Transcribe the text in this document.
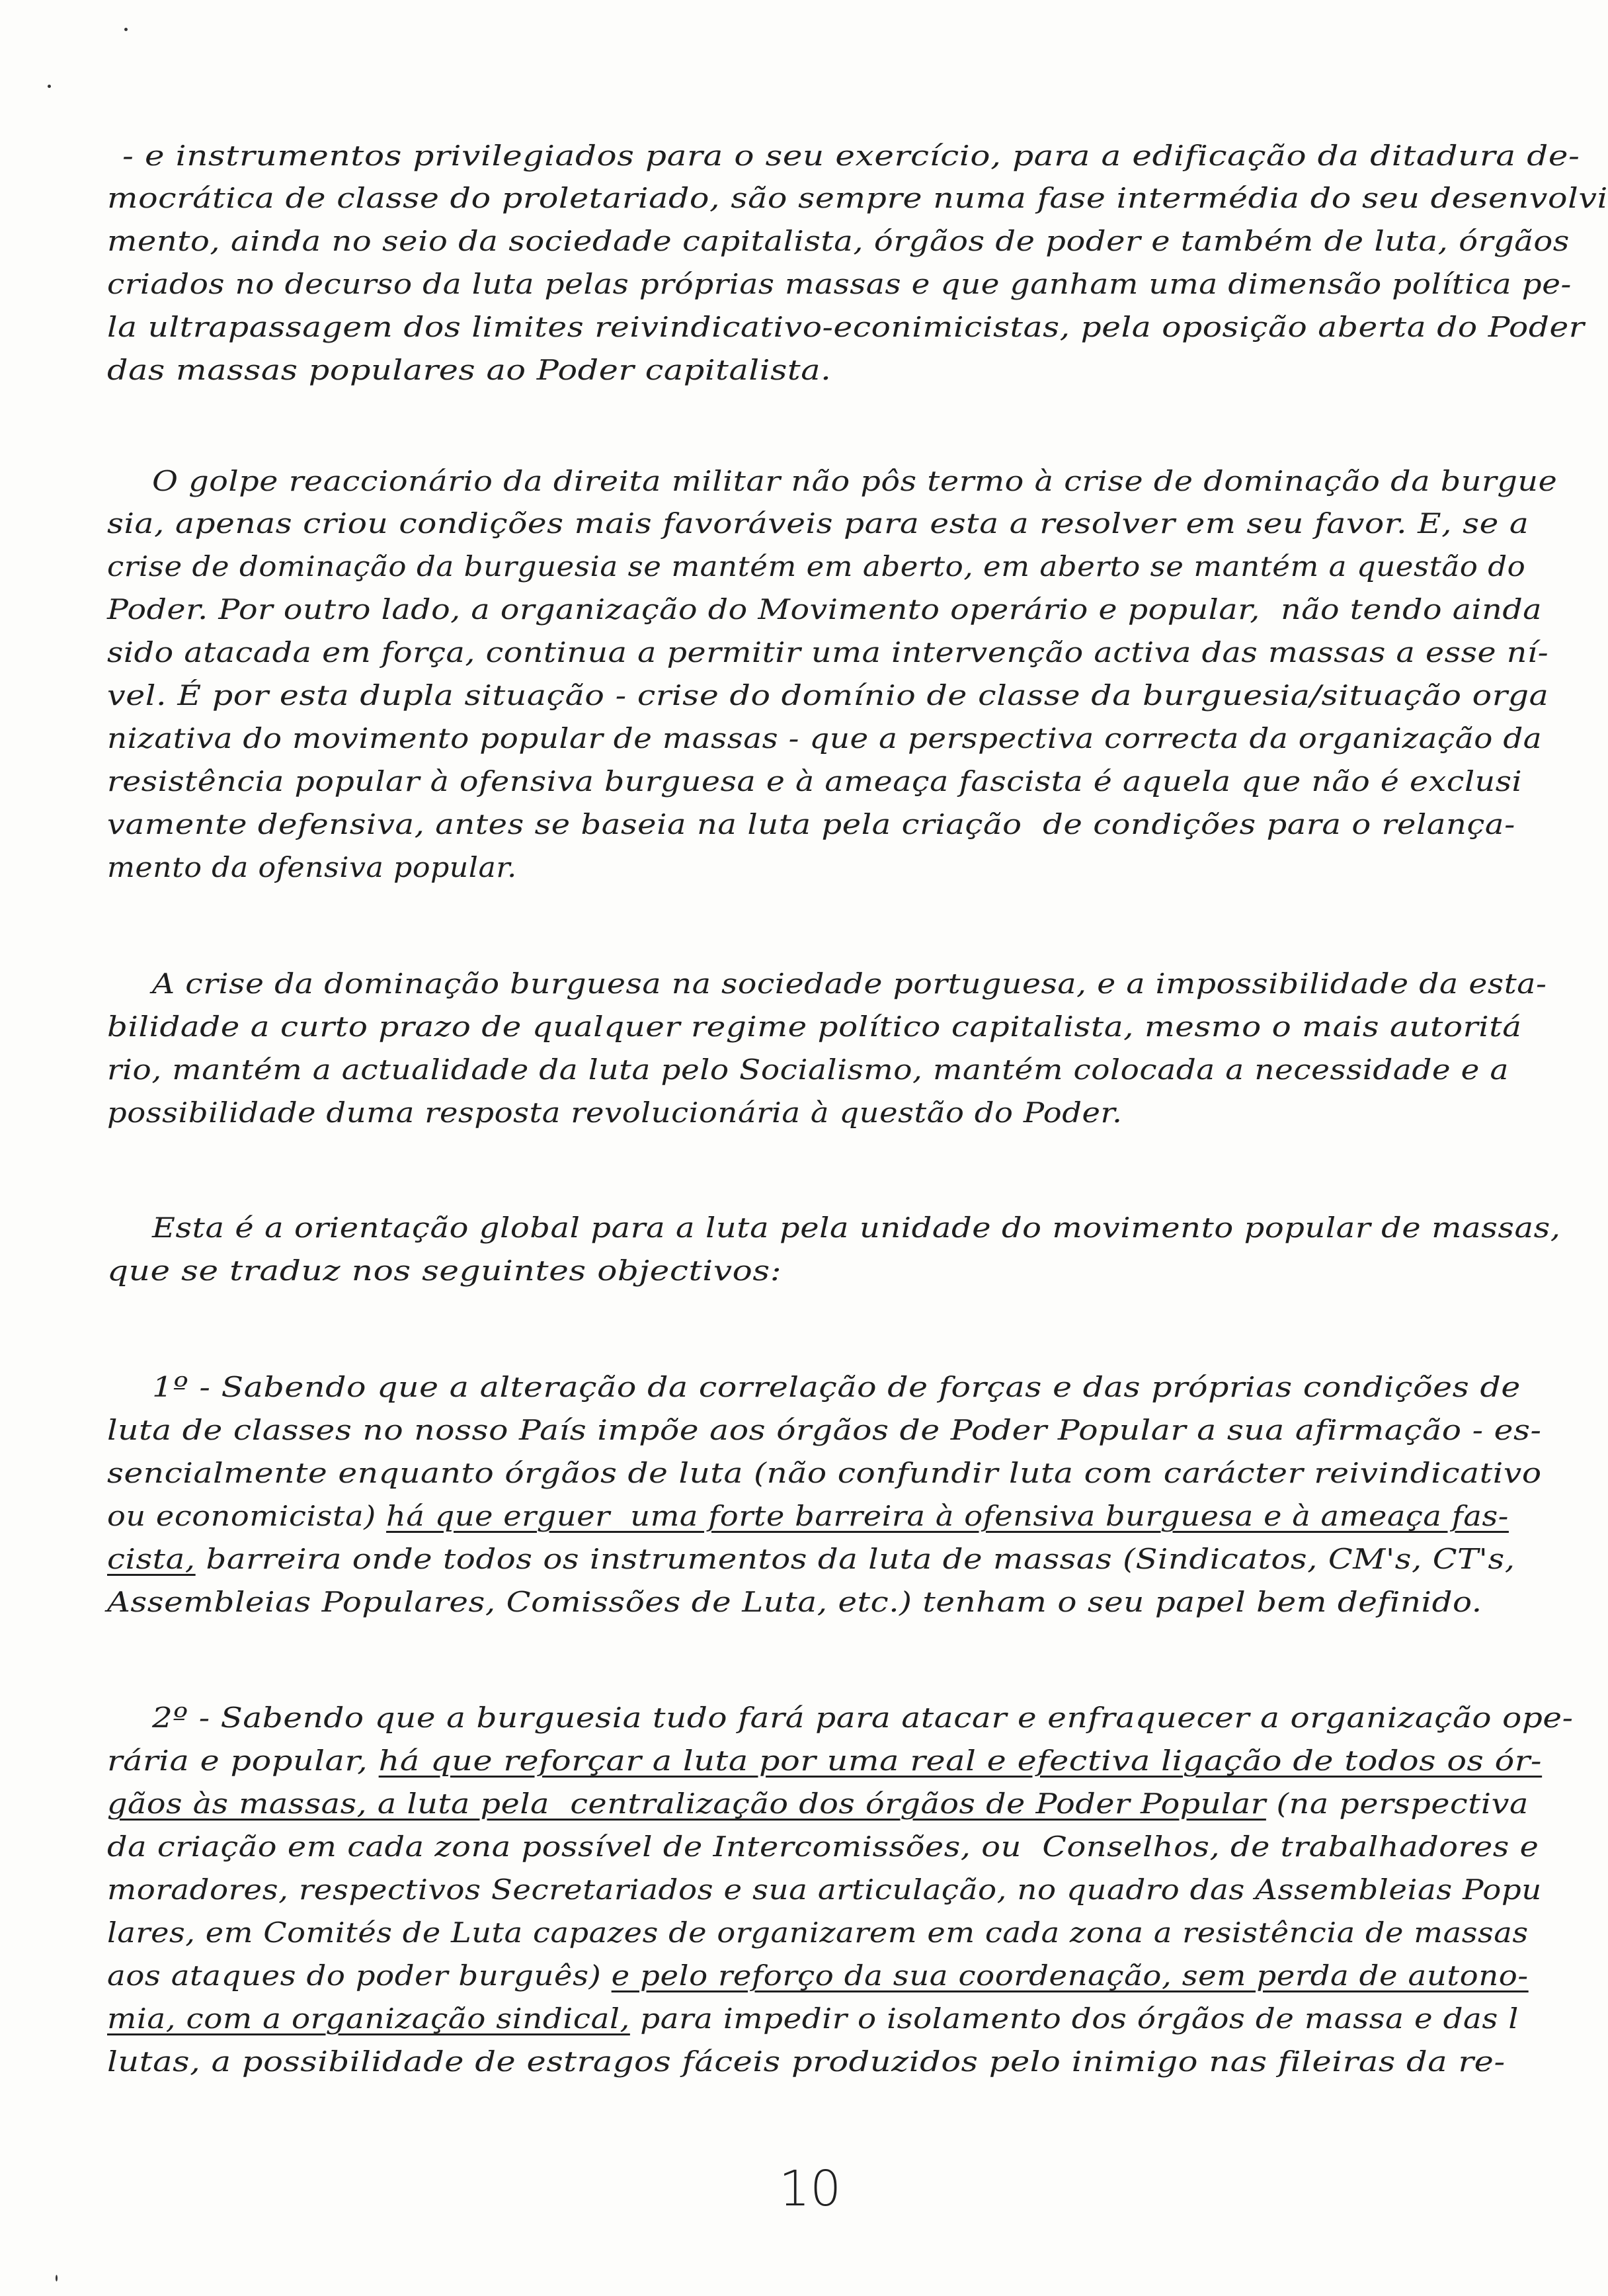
- e instrumentos privilegiados para o seu exercício, para a edificação da ditadura de-
mocrática de classe do proletariado, são sempre numa fase intermédia do seu desenvolvi
mento, ainda no seio da sociedade capitalista, órgãos de poder e também de luta, órgãos
criados no decurso da luta pelas próprias massas e que ganham uma dimensão política pe-
la ultrapassagem dos limites reivindicativo-econimicistas, pela oposição aberta do Poder
das massas populares ao Poder capitalista.
O golpe reaccionário da direita militar não pôs termo à crise de dominação da burgue
sia, apenas criou condições mais favoráveis para esta a resolver em seu favor. E, se a
crise de dominação da burguesia se mantém em aberto, em aberto se mantém a questão do
Poder. Por outro lado, a organização do Movimento operário e popular,  não tendo ainda
sido atacada em força, continua a permitir uma intervenção activa das massas a esse ní-
vel. É por esta dupla situação - crise do domínio de classe da burguesia/situação orga
nizativa do movimento popular de massas - que a perspectiva correcta da organização da
resistência popular à ofensiva burguesa e à ameaça fascista é aquela que não é exclusi
vamente defensiva, antes se baseia na luta pela criação  de condições para o relança-
mento da ofensiva popular.
A crise da dominação burguesa na sociedade portuguesa, e a impossibilidade da esta-
bilidade a curto prazo de qualquer regime político capitalista, mesmo o mais autoritá
rio, mantém a actualidade da luta pelo Socialismo, mantém colocada a necessidade e a
possibilidade duma resposta revolucionária à questão do Poder.
Esta é a orientação global para a luta pela unidade do movimento popular de massas,
que se traduz nos seguintes objectivos:
1º - Sabendo que a alteração da correlação de forças e das próprias condições de
luta de classes no nosso País impõe aos órgãos de Poder Popular a sua afirmação - es-
sencialmente enquanto órgãos de luta (não confundir luta com carácter reivindicativo
ou economicista) há que erguer  uma forte barreira à ofensiva burguesa e à ameaça fas-
cista, barreira onde todos os instrumentos da luta de massas (Sindicatos, CM's, CT's,
Assembleias Populares, Comissões de Luta, etc.) tenham o seu papel bem definido.
2º - Sabendo que a burguesia tudo fará para atacar e enfraquecer a organização ope-
rária e popular, há que reforçar a luta por uma real e efectiva ligação de todos os ór-
gãos às massas, a luta pela  centralização dos órgãos de Poder Popular (na perspectiva
da criação em cada zona possível de Intercomissões, ou  Conselhos, de trabalhadores e
moradores, respectivos Secretariados e sua articulação, no quadro das Assembleias Popu
lares, em Comités de Luta capazes de organizarem em cada zona a resistência de massas
aos ataques do poder burguês) e pelo reforço da sua coordenação, sem perda de autono-
mia, com a organização sindical, para impedir o isolamento dos órgãos de massa e das l
lutas, a possibilidade de estragos fáceis produzidos pelo inimigo nas fileiras da re-
10
